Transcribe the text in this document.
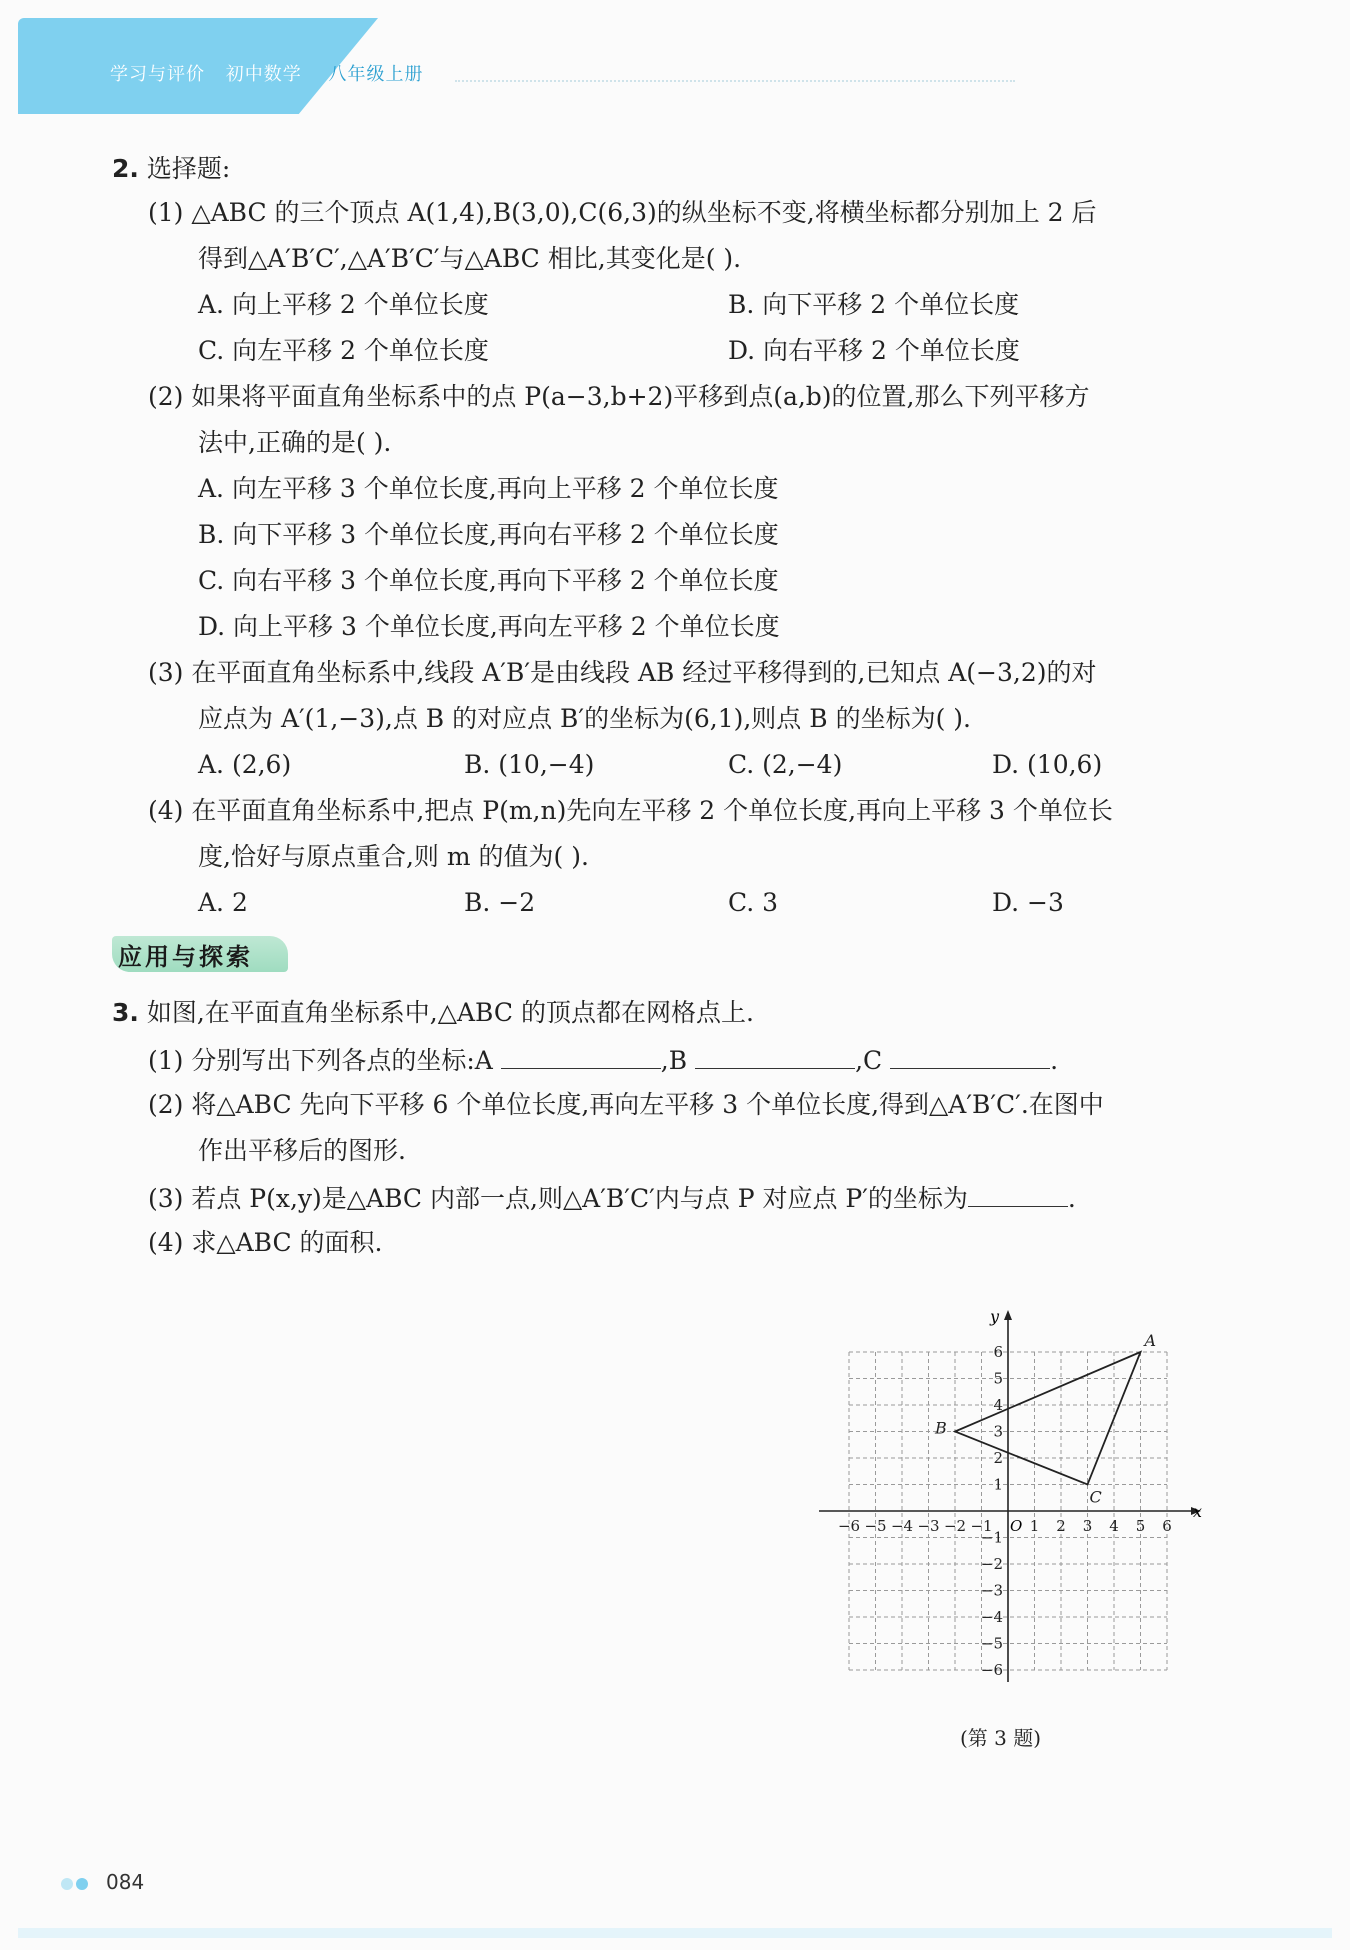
学习与评价 初中数学 八年级上册
2. 选择题:
(1) △ABC 的三个顶点 A(1,4),B(3,0),C(6,3)的纵坐标不变,将横坐标都分别加上 2 后
得到△A′B′C′,△A′B′C′与△ABC 相比,其变化是( ).
A. 向上平移 2 个单位长度	B. 向下平移 2 个单位长度
C. 向左平移 2 个单位长度	D. 向右平移 2 个单位长度
(2) 如果将平面直角坐标系中的点 P(a−3,b+2)平移到点(a,b)的位置,那么下列平移方
法中,正确的是( ).
A. 向左平移 3 个单位长度,再向上平移 2 个单位长度
B. 向下平移 3 个单位长度,再向右平移 2 个单位长度
C. 向右平移 3 个单位长度,再向下平移 2 个单位长度
D. 向上平移 3 个单位长度,再向左平移 2 个单位长度
(3) 在平面直角坐标系中,线段 A′B′是由线段 AB 经过平移得到的,已知点 A(−3,2)的对
应点为 A′(1,−3),点 B 的对应点 B′的坐标为(6,1),则点 B 的坐标为( ).
A. (2,6)	B. (10,−4)	C. (2,−4)	D. (10,6)
(4) 在平面直角坐标系中,把点 P(m,n)先向左平移 2 个单位长度,再向上平移 3 个单位长
度,恰好与原点重合,则 m 的值为( ).
A. 2	B. −2	C. 3	D. −3
应用与探索
3. 如图,在平面直角坐标系中,△ABC 的顶点都在网格点上.
(1) 分别写出下列各点的坐标:A	,B	,C	.
(2) 将△ABC 先向下平移 6 个单位长度,再向左平移 3 个单位长度,得到△A′B′C′.在图中
作出平移后的图形.
(3) 若点 P(x,y)是△ABC 内部一点,则△A′B′C′内与点 P 对应点 P′的坐标为	.
(4) 求△ABC 的面积.
x
y
O
−6 −5 −4 −3 −2 −1 1 2 3 4 5 6
6
5
4
3
2
1
−1
−2
−3
−4
−5
−6
A
B
C
(第 3 题)
084
